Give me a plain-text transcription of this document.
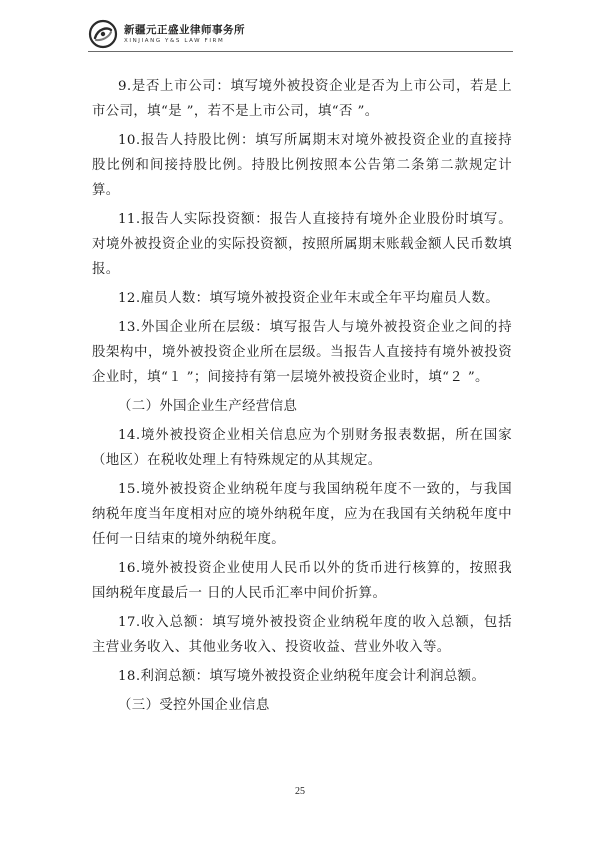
新疆元正盛业律师事务所
XINJIANG Y&S LAW FIRM

9.是否上市公司：填写境外被投资企业是否为上市公司，若是上市公司，填“是 ”，若不是上市公司，填“否 ”。

10.报告人持股比例：填写所属期末对境外被投资企业的直接持股比例和间接持股比例。持股比例按照本公告第二条第二款规定计算。

11.报告人实际投资额：报告人直接持有境外企业股份时填写。对境外被投资企业的实际投资额，按照所属期末账载金额人民币数填报。

12.雇员人数：填写境外被投资企业年末或全年平均雇员人数。

13.外国企业所在层级：填写报告人与境外被投资企业之间的持股架构中，境外被投资企业所在层级。当报告人直接持有境外被投资企业时，填“１ ”；间接持有第一层境外被投资企业时，填“２ ”。

（二）外国企业生产经营信息

14.境外被投资企业相关信息应为个别财务报表数据，所在国家（地区）在税收处理上有特殊规定的从其规定。

15.境外被投资企业纳税年度与我国纳税年度不一致的，与我国纳税年度当年度相对应的境外纳税年度，应为在我国有关纳税年度中任何一日结束的境外纳税年度。

16.境外被投资企业使用人民币以外的货币进行核算的，按照我国纳税年度最后一 日的人民币汇率中间价折算。

17.收入总额：填写境外被投资企业纳税年度的收入总额，包括主营业务收入、其他业务收入、投资收益、营业外收入等。

18.利润总额：填写境外被投资企业纳税年度会计利润总额。

（三）受控外国企业信息

25
